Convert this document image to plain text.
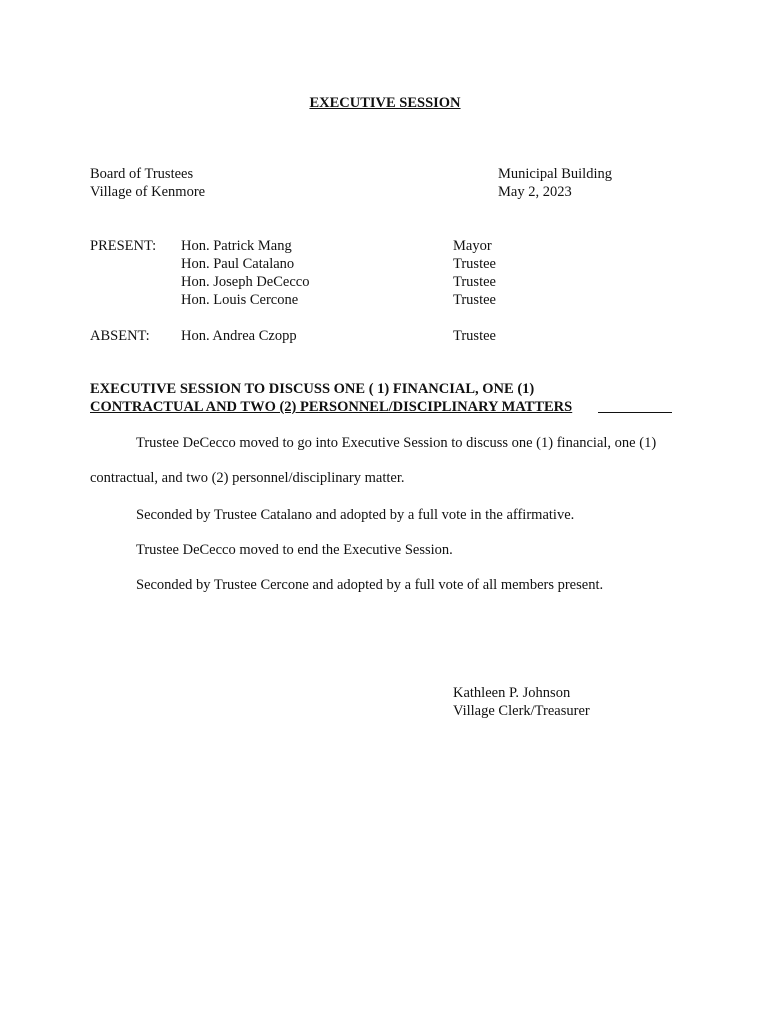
EXECUTIVE SESSION
Board of Trustees
Village of Kenmore
Municipal Building
May 2, 2023
PRESENT: Hon. Patrick Mang	Mayor
Hon. Paul Catalano	Trustee
Hon. Joseph DeCecco	Trustee
Hon. Louis Cercone	Trustee
ABSENT: Hon. Andrea Czopp	Trustee
EXECUTIVE SESSION TO DISCUSS ONE ( 1) FINANCIAL, ONE (1)
CONTRACTUAL AND TWO (2) PERSONNEL/DISCIPLINARY MATTERS
Trustee DeCecco moved to go into Executive Session to discuss one (1) financial, one (1)
contractual, and two (2) personnel/disciplinary matter.
Seconded by Trustee Catalano and adopted by a full vote in the affirmative.
Trustee DeCecco moved to end the Executive Session.
Seconded by Trustee Cercone and adopted by a full vote of all members present.
Kathleen P. Johnson
Village Clerk/Treasurer
